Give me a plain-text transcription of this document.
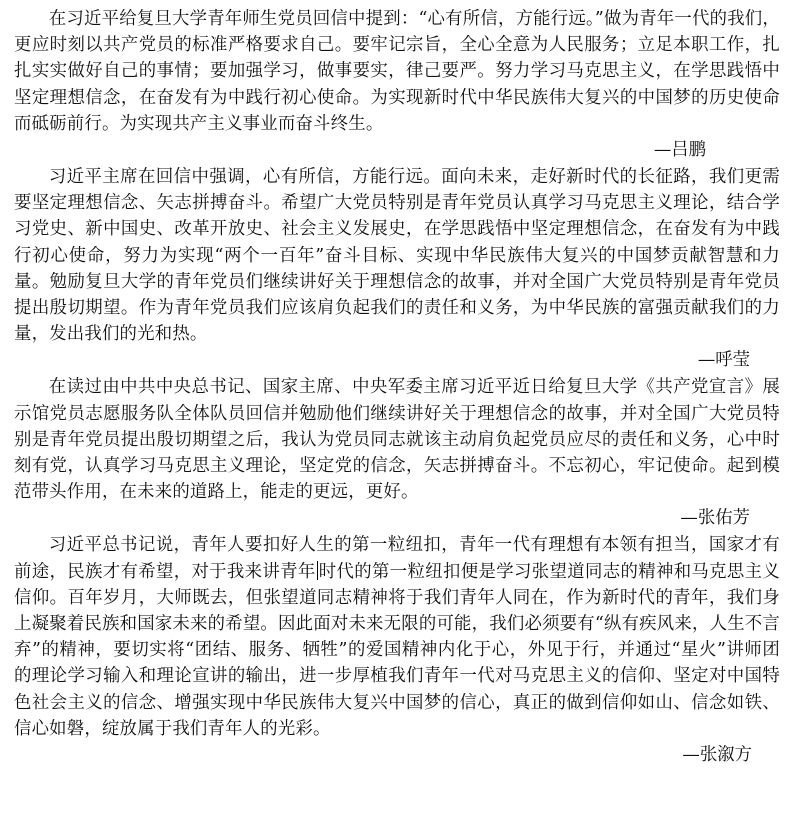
在习近平给复旦大学青年师生党员回信中提到：“心有所信，方能行远。”做为青年一代的我们，更应时刻以共产党员的标准严格要求自己。要牢记宗旨，全心全意为人民服务；立足本职工作，扎扎实实做好自己的事情；要加强学习，做事要实，律己要严。努力学习马克思主义，在学思践悟中坚定理想信念，在奋发有为中践行初心使命。为实现新时代中华民族伟大复兴的中国梦的历史使命而砥砺前行。为实现共产主义事业而奋斗终生。

—吕鹏

习近平主席在回信中强调，心有所信，方能行远。面向未来，走好新时代的长征路，我们更需要坚定理想信念、矢志拼搏奋斗。希望广大党员特别是青年党员认真学习马克思主义理论，结合学习党史、新中国史、改革开放史、社会主义发展史，在学思践悟中坚定理想信念，在奋发有为中践行初心使命，努力为实现“两个一百年”奋斗目标、实现中华民族伟大复兴的中国梦贡献智慧和力量。勉励复旦大学的青年党员们继续讲好关于理想信念的故事，并对全国广大党员特别是青年党员提出殷切期望。作为青年党员我们应该肩负起我们的责任和义务，为中华民族的富强贡献我们的力量，发出我们的光和热。

—呼莹

在读过由中共中央总书记、国家主席、中央军委主席习近平近日给复旦大学《共产党宣言》展示馆党员志愿服务队全体队员回信并勉励他们继续讲好关于理想信念的故事，并对全国广大党员特别是青年党员提出殷切期望之后，我认为党员同志就该主动肩负起党员应尽的责任和义务，心中时刻有党，认真学习马克思主义理论，坚定党的信念，矢志拼搏奋斗。不忘初心，牢记使命。起到模范带头作用，在未来的道路上，能走的更远，更好。

—张佑芳

习近平总书记说，青年人要扣好人生的第一粒纽扣，青年一代有理想有本领有担当，国家才有前途，民族才有希望，对于我来讲青年 时代的第一粒纽扣便是学习张望道同志的精神和马克思主义信仰。百年岁月，大师既去，但张望道同志精神将于我们青年人同在，作为新时代的青年，我们身上凝聚着民族和国家未来的希望。因此面对未来无限的可能，我们必须要有“纵有疾风来，人生不言弃”的精神，要切实将“团结、服务、牺牲”的爱国精神内化于心，外见于行，并通过“星火”讲师团的理论学习输入和理论宣讲的输出，进一步厚植我们青年一代对马克思主义的信仰、坚定对中国特色社会主义的信念、增强实现中华民族伟大复兴中国梦的信心，真正的做到信仰如山、信念如铁、信心如磐，绽放属于我们青年人的光彩。

—张溆方
